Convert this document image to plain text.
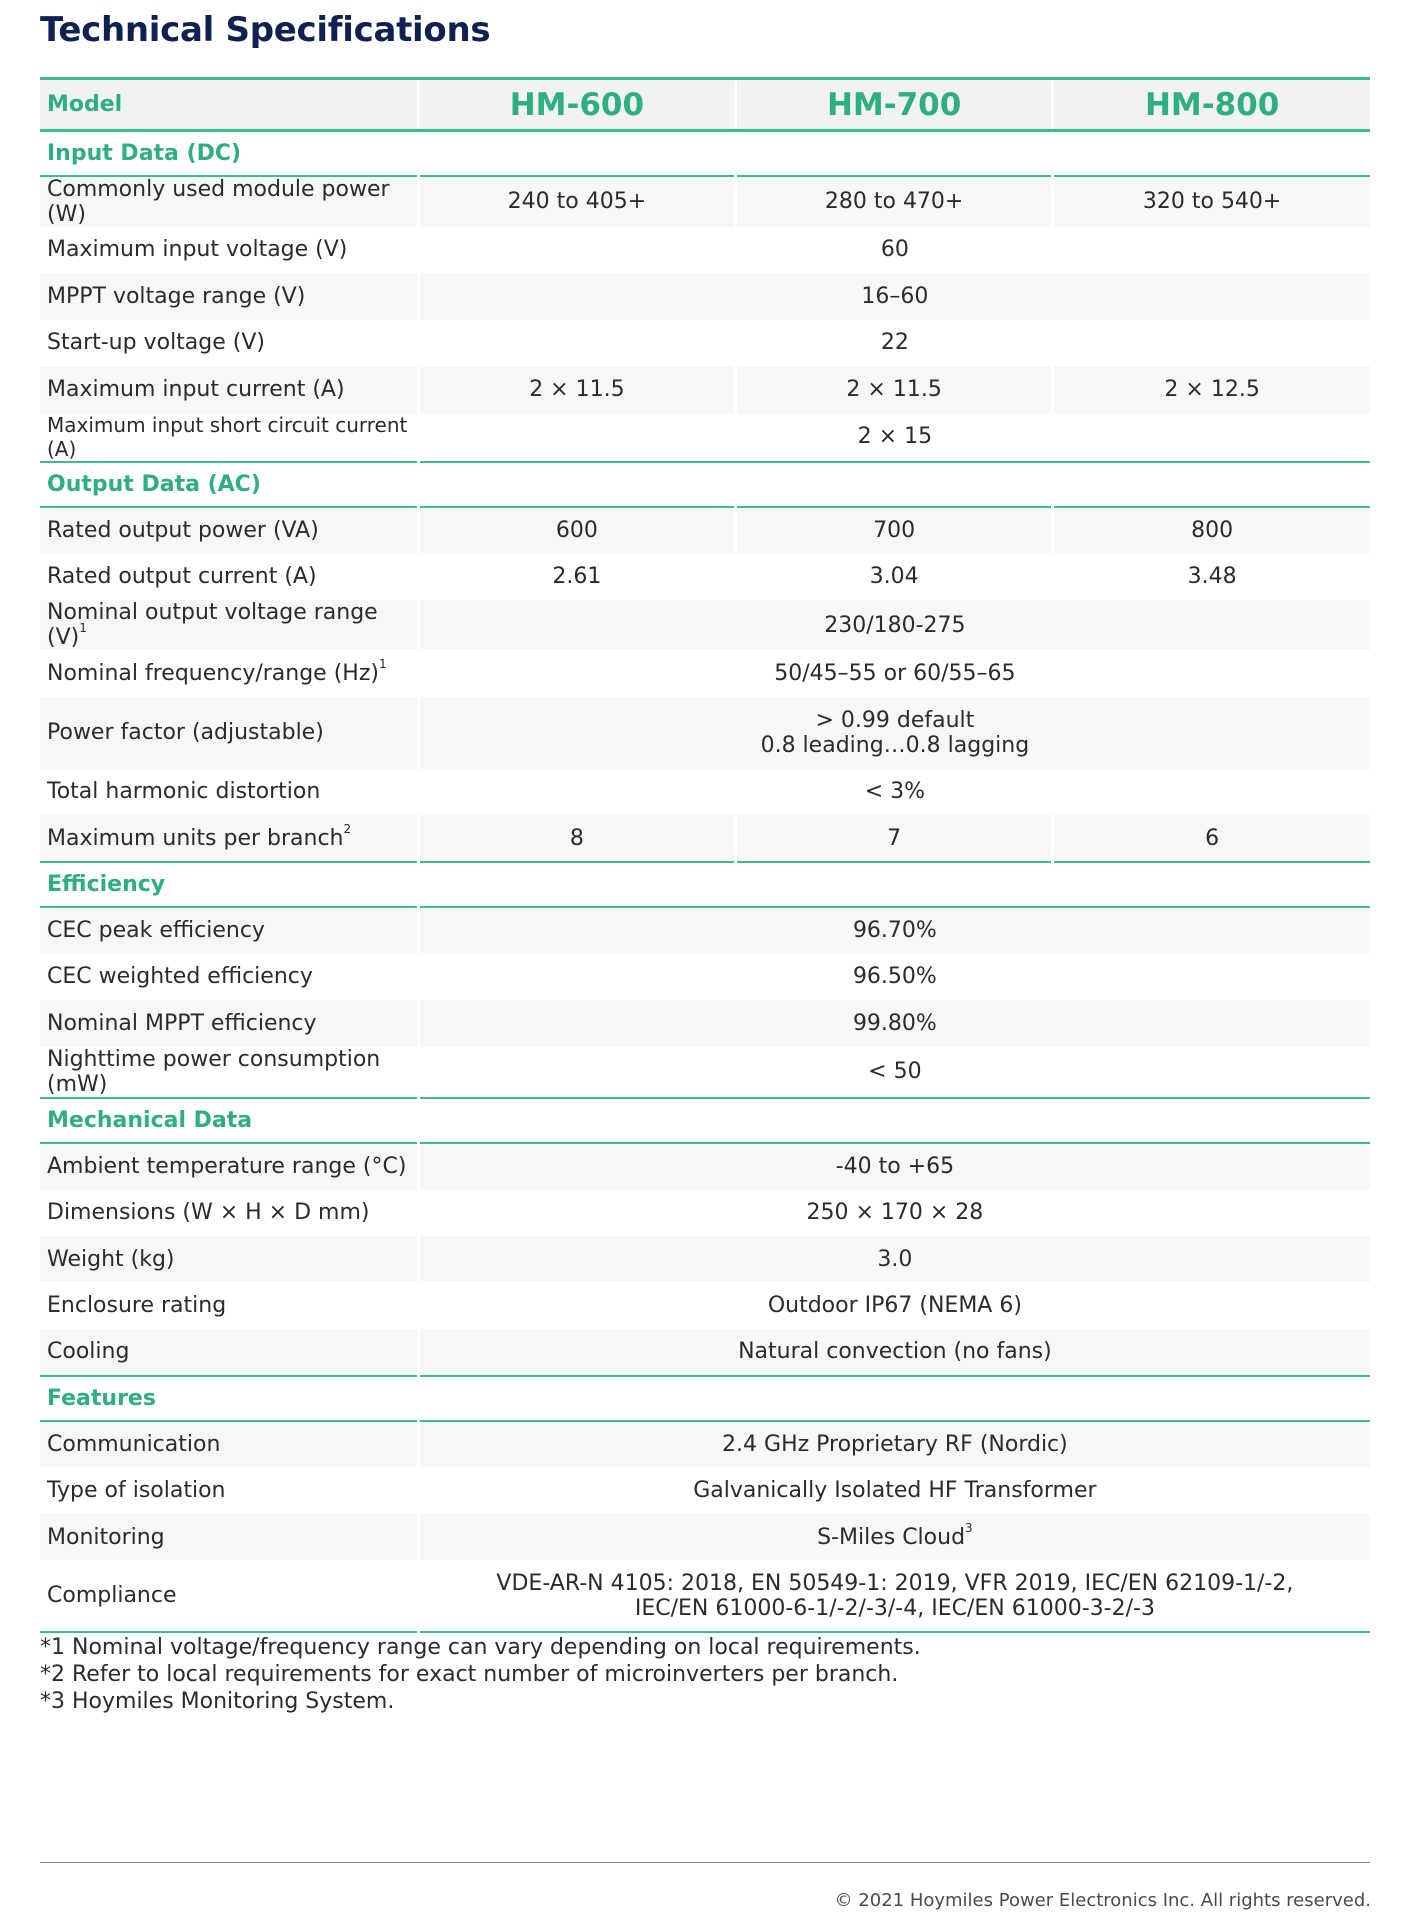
Technical Specifications
Model	HM-600	HM-700	HM-800
Input Data (DC)			
Commonly used module power (W)	240 to 405+	280 to 470+	320 to 540+
Maximum input voltage (V)	60		
MPPT voltage range (V)	16–60		
Start-up voltage (V)	22		
Maximum input current (A)	2 × 11.5	2 × 11.5	2 × 12.5
Maximum input short circuit current (A)	2 × 15		
Output Data (AC)			
Rated output power (VA)	600	700	800
Rated output current (A)	2.61	3.04	3.48
Nominal output voltage range $(V)^1$	230/180-275		
Nominal frequency/range $(Hz)^1$	50/45–55 or 60/55–65		
Power factor (adjustable)	> 0.99 default
0.8 leading…0.8 lagging		

Total harmonic distortion	< 3%		
Maximum units per branch$^2$	8	7	6
Efficiency			
CEC peak efficiency	96.70%		
CEC weighted efficiency	96.50%		
Nominal MPPT efficiency	99.80%		
Nighttime power consumption (mW)	< 50		
Mechanical Data			
Ambient temperature range (°C)	-40 to +65		
Dimensions (W × H × D mm)	250 × 170 × 28		
Weight (kg)	3.0		
Enclosure rating	Outdoor IP67 (NEMA 6)		
Cooling	Natural convection (no fans)		
Features			
Communication	2.4 GHz Proprietary RF (Nordic)		
Type of isolation	Galvanically Isolated HF Transformer		
Monitoring	S-Miles Cloud$^3$
Compliance	VDE-AR-N 4105: 2018, EN 50549-1: 2019, VFR 2019, IEC/EN 62109-1/-2,
IEC/EN 61000-6-1/-2/-3/-4, IEC/EN 61000-3-2/-3		
*1 Nominal voltage/frequency range can vary depending on local requirements.
*2 Refer to local requirements for exact number of microinverters per branch.
*3 Hoymiles Monitoring System.
© 2021 Hoymiles Power Electronics Inc. All rights reserved.
